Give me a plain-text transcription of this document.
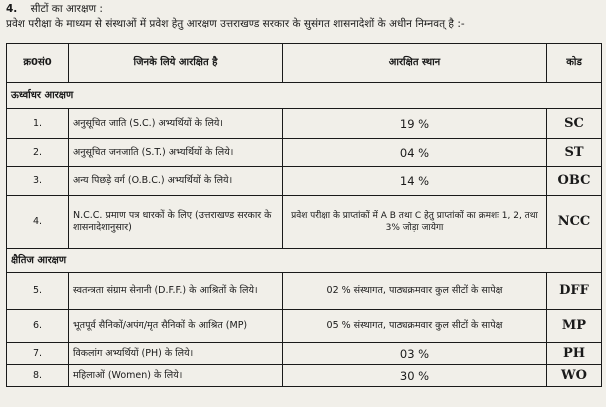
4. सीटों का आरक्षण :
प्रवेश परीक्षा के माध्यम से संस्थाओं में प्रवेश हेतु आरक्षण उत्तराखण्ड सरकार के सुसंगत शासनादेशों के अधीन निम्नवत् है :-
क्र0सं0	जिनके लिये आरक्षित है	आरक्षित स्थान	कोड
ऊर्ध्वाधर आरक्षण			
1.	अनुसूचित जाति (S.C.) अभ्यर्थियों के लिये।	19 %	SC
2.	अनुसूचित जनजाति (S.T.) अभ्यर्थियों के लिये।	04 %	ST
3.	अन्य पिछड़े वर्ग (O.B.C.) अभ्यर्थियों के लिये।	14 %	OBC
4.	N.C.C. प्रमाण पत्र धारकों के लिए (उत्तराखण्ड सरकार के शासनादेशानुसार)	प्रवेश परीक्षा के प्राप्तांकों में A B तथा C हेतु प्राप्तांकों का क्रमशः 1, 2, तथा 3% जोड़ा जायेगा	NCC
क्षैतिज आरक्षण			
5.	स्वतन्त्रता संग्राम सेनानी (D.F.F.) के आश्रितों के लिये।	02 % संस्थागत, पाठ्यक्रमवार कुल सीटों के सापेक्ष	DFF
6.	भूतपूर्व सैनिकों/अपंग/मृत सैनिकों के आश्रित (MP)	05 % संस्थागत, पाठ्यक्रमवार कुल सीटों के सापेक्ष	MP
7.	विकलांग अभ्यर्थियों (PH) के लिये।	03 %	PH
8.	महिलाओं (Women) के लिये।	30 %	WO
